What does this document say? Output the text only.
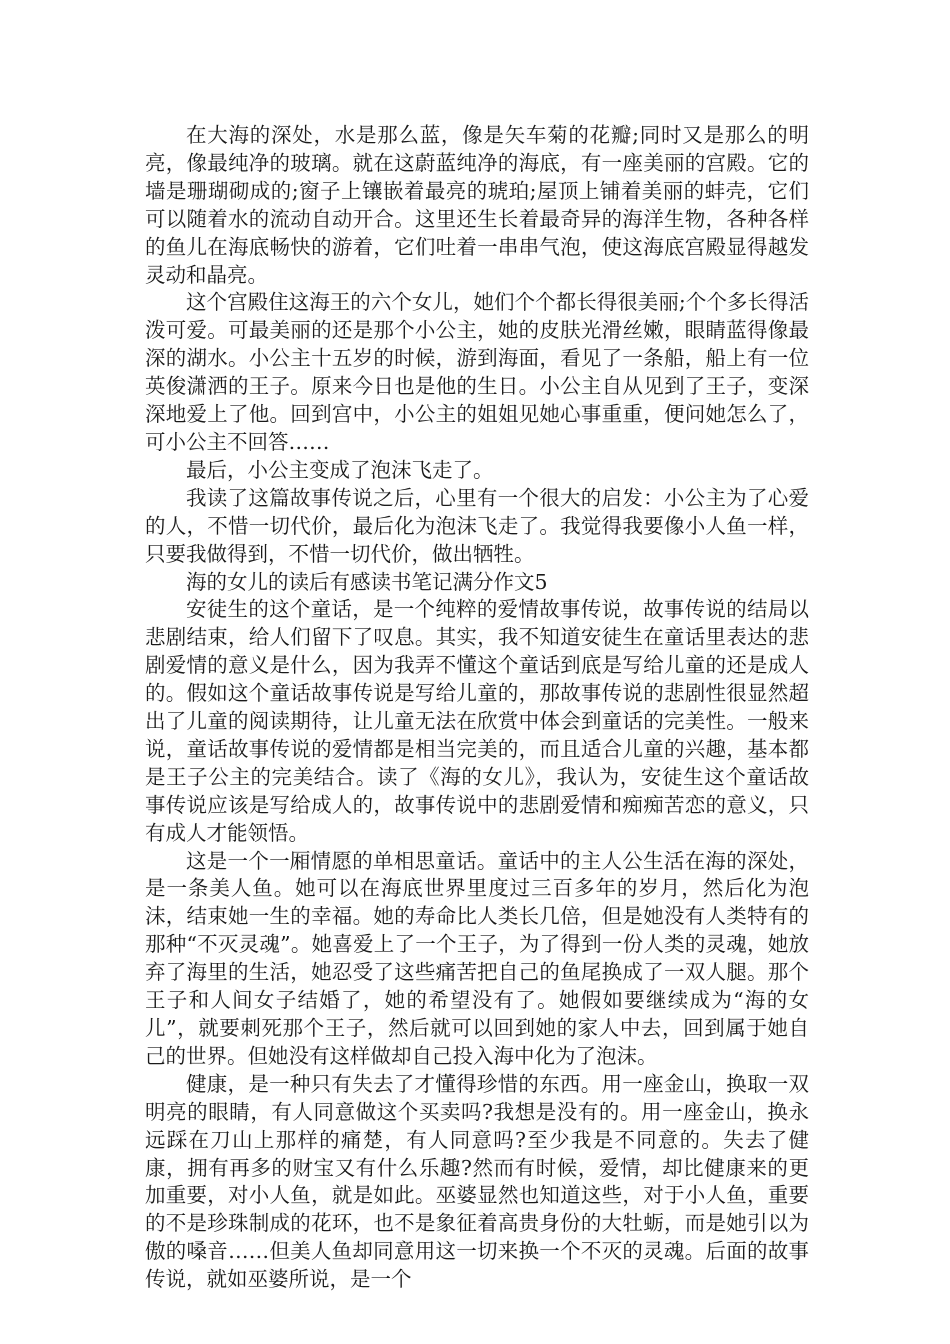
在大海的深处，水是那么蓝，像是矢车菊的花瓣;同时又是那么的明亮，像最纯净的玻璃。就在这蔚蓝纯净的海底，有一座美丽的宫殿。它的墙是珊瑚砌成的;窗子上镶嵌着最亮的琥珀;屋顶上铺着美丽的蚌壳，它们可以随着水的流动自动开合。这里还生长着最奇异的海洋生物，各种各样的鱼儿在海底畅快的游着，它们吐着一串串气泡，使这海底宫殿显得越发灵动和晶亮。

这个宫殿住这海王的六个女儿，她们个个都长得很美丽;个个多长得活泼可爱。可最美丽的还是那个小公主，她的皮肤光滑丝嫩，眼睛蓝得像最深的湖水。小公主十五岁的时候，游到海面，看见了一条船，船上有一位英俊潇洒的王子。原来今日也是他的生日。小公主自从见到了王子，变深深地爱上了他。回到宫中，小公主的姐姐见她心事重重，便问她怎么了，可小公主不回答……

最后，小公主变成了泡沫飞走了。

我读了这篇故事传说之后，心里有一个很大的启发：小公主为了心爱的人，不惜一切代价，最后化为泡沫飞走了。我觉得我要像小人鱼一样，只要我做得到，不惜一切代价，做出牺牲。

海的女儿的读后有感读书笔记满分作文5

安徒生的这个童话，是一个纯粹的爱情故事传说，故事传说的结局以悲剧结束，给人们留下了叹息。其实，我不知道安徒生在童话里表达的悲剧爱情的意义是什么，因为我弄不懂这个童话到底是写给儿童的还是成人的。假如这个童话故事传说是写给儿童的，那故事传说的悲剧性很显然超出了儿童的阅读期待，让儿童无法在欣赏中体会到童话的完美性。一般来说，童话故事传说的爱情都是相当完美的，而且适合儿童的兴趣，基本都是王子公主的完美结合。读了《海的女儿》，我认为，安徒生这个童话故事传说应该是写给成人的，故事传说中的悲剧爱情和痴痴苦恋的意义，只有成人才能领悟。

这是一个一厢情愿的单相思童话。童话中的主人公生活在海的深处，是一条美人鱼。她可以在海底世界里度过三百多年的岁月，然后化为泡沫，结束她一生的幸福。她的寿命比人类长几倍，但是她没有人类特有的那种“不灭灵魂”。她喜爱上了一个王子，为了得到一份人类的灵魂，她放弃了海里的生活，她忍受了这些痛苦把自己的鱼尾换成了一双人腿。那个王子和人间女子结婚了，她的希望没有了。她假如要继续成为“海的女儿”，就要刺死那个王子，然后就可以回到她的家人中去，回到属于她自己的世界。但她没有这样做却自己投入海中化为了泡沫。

健康，是一种只有失去了才懂得珍惜的东西。用一座金山，换取一双明亮的眼睛，有人同意做这个买卖吗?我想是没有的。用一座金山，换永远踩在刀山上那样的痛楚，有人同意吗?至少我是不同意的。失去了健康，拥有再多的财宝又有什么乐趣?然而有时候，爱情，却比健康来的更加重要，对小人鱼，就是如此。巫婆显然也知道这些，对于小人鱼，重要的不是珍珠制成的花环，也不是象征着高贵身份的大牡蛎，而是她引以为傲的嗓音……但美人鱼却同意用这一切来换一个不灭的灵魂。后面的故事传说，就如巫婆所说，是一个
